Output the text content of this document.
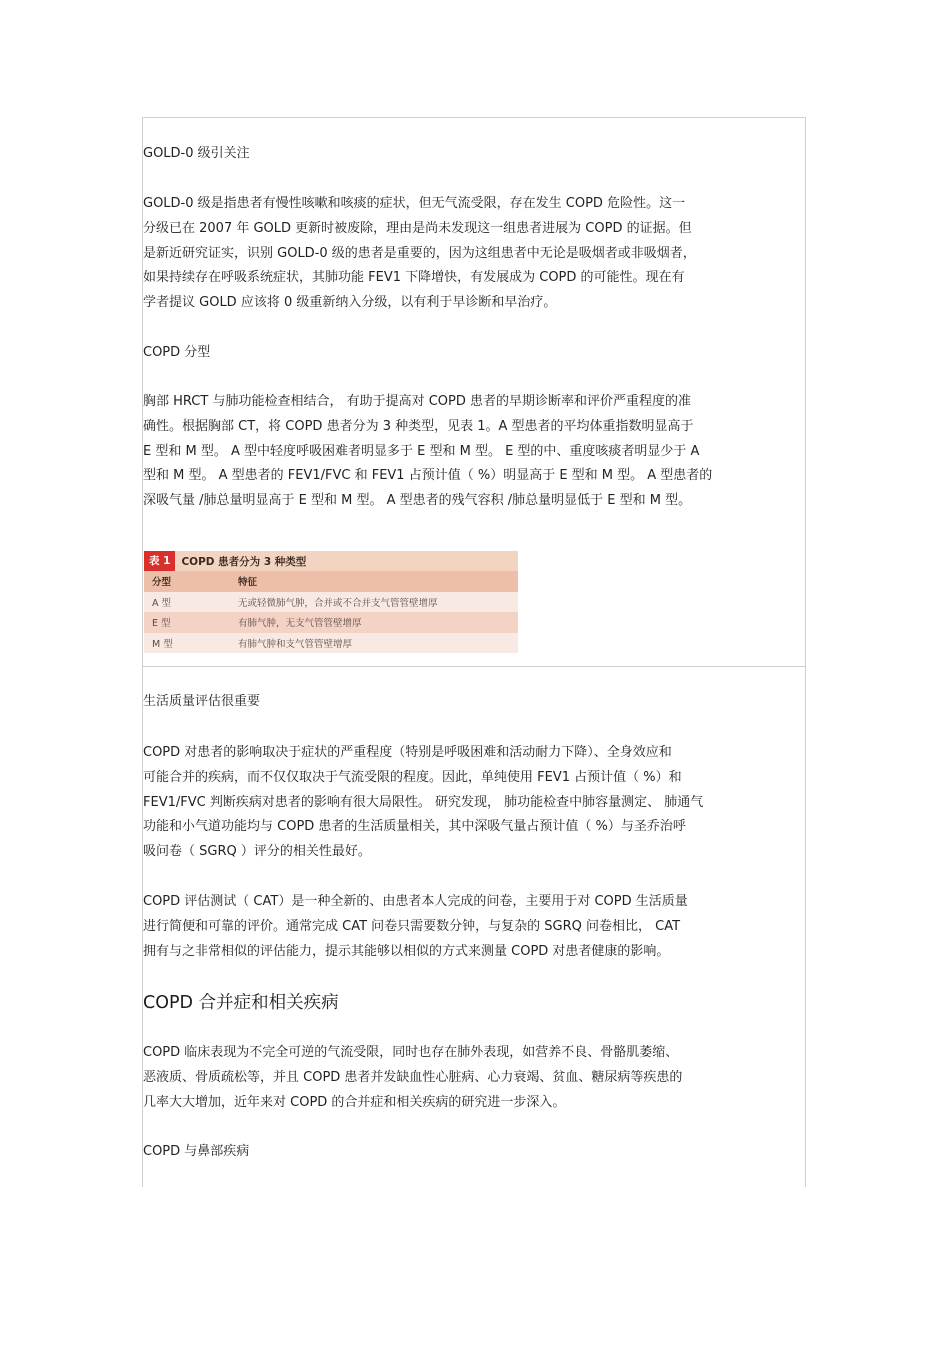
GOLD-0 级引关注
GOLD-0 级是指患者有慢性咳嗽和咳痰的症状，但无气流受限，存在发生 COPD 危险性。这一
分级已在 2007 年 GOLD 更新时被废除，理由是尚未发现这一组患者进展为 COPD 的证据。但
是新近研究证实，识别 GOLD-0 级的患者是重要的，因为这组患者中无论是吸烟者或非吸烟者，
如果持续存在呼吸系统症状，其肺功能 FEV1 下降增快，有发展成为 COPD 的可能性。现在有
学者提议 GOLD 应该将 0 级重新纳入分级，以有利于早诊断和早治疗。
COPD 分型
胸部 HRCT 与肺功能检查相结合， 有助于提高对 COPD 患者的早期诊断率和评价严重程度的准
确性。根据胸部 CT，将 COPD 患者分为 3 种类型，见表 1。A 型患者的平均体重指数明显高于
E 型和 M 型。 A 型中轻度呼吸困难者明显多于 E 型和 M 型。 E 型的中、重度咳痰者明显少于 A
型和 M 型。 A 型患者的 FEV1/FVC 和 FEV1 占预计值（ %）明显高于 E 型和 M 型。 A 型患者的
深吸气量 /肺总量明显高于 E 型和 M 型。 A 型患者的残气容积 /肺总量明显低于 E 型和 M 型。
表 1	COPD 患者分为 3 种类型
分型	特征
A 型	无或轻微肺气肿，合并或不合并支气管管壁增厚
E 型	有肺气肿，无支气管管壁增厚
M 型	有肺气肿和支气管管壁增厚
生活质量评估很重要
COPD 对患者的影响取决于症状的严重程度（特别是呼吸困难和活动耐力下降）、全身效应和
可能合并的疾病，而不仅仅取决于气流受限的程度。因此，单纯使用 FEV1 占预计值（ %）和
FEV1/FVC 判断疾病对患者的影响有很大局限性。 研究发现， 肺功能检查中肺容量测定、 肺通气
功能和小气道功能均与 COPD 患者的生活质量相关，其中深吸气量占预计值（ %）与圣乔治呼
吸问卷（ SGRQ ）评分的相关性最好。
COPD 评估测试（ CAT）是一种全新的、由患者本人完成的问卷，主要用于对 COPD 生活质量
进行简便和可靠的评价。通常完成 CAT 问卷只需要数分钟，与复杂的 SGRQ 问卷相比， CAT
拥有与之非常相似的评估能力，提示其能够以相似的方式来测量 COPD 对患者健康的影响。
COPD 合并症和相关疾病
COPD 临床表现为不完全可逆的气流受限，同时也存在肺外表现，如营养不良、骨骼肌萎缩、
恶液质、骨质疏松等，并且 COPD 患者并发缺血性心脏病、心力衰竭、贫血、糖尿病等疾患的
几率大大增加，近年来对 COPD 的合并症和相关疾病的研究进一步深入。
COPD 与鼻部疾病
